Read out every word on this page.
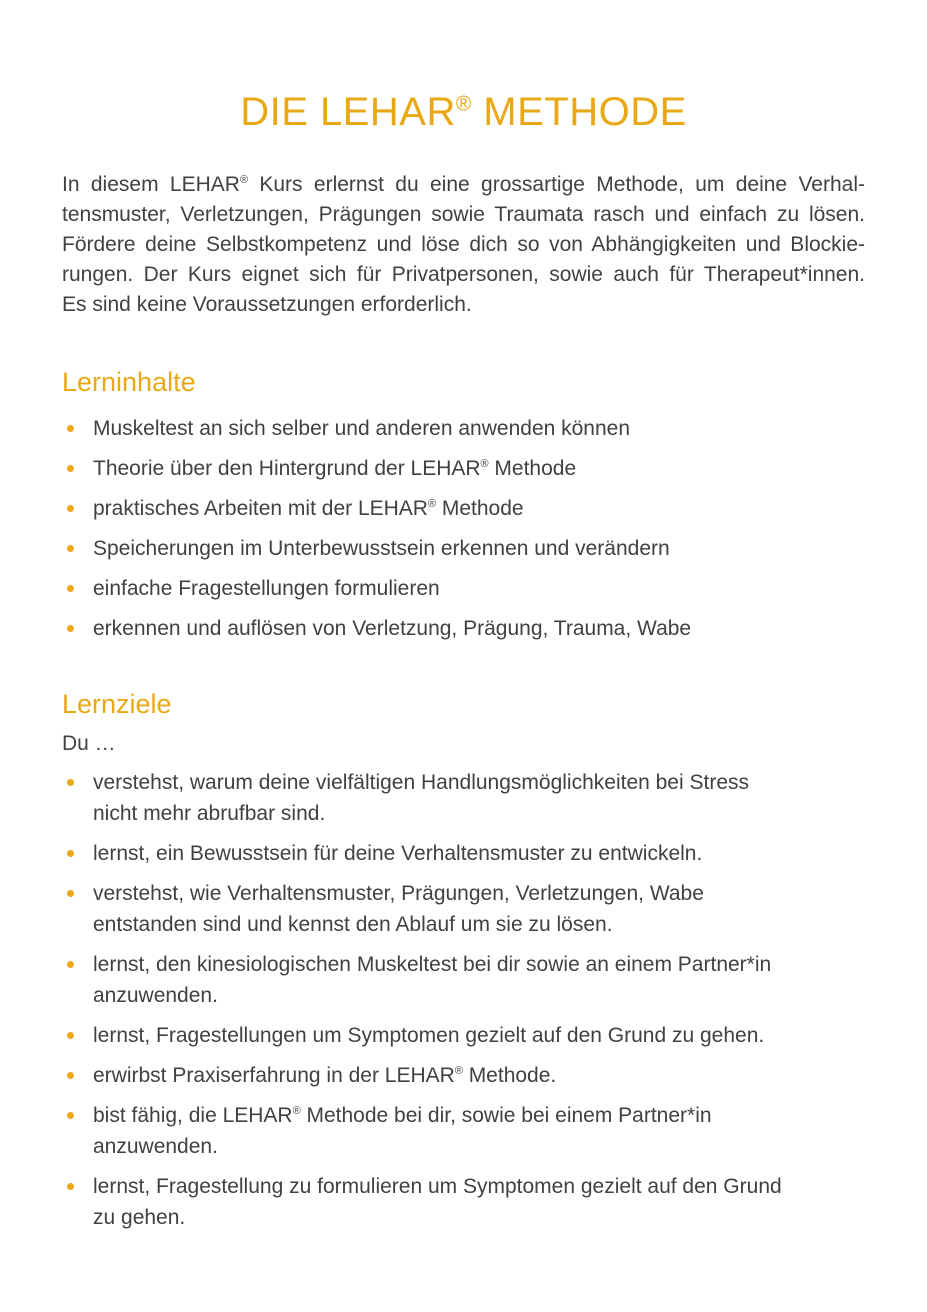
DIE LEHAR® METHODE
In diesem LEHAR® Kurs erlernst du eine grossartige Methode, um deine Verhal-
tensmuster, Verletzungen, Prägungen sowie Traumata rasch und einfach zu lösen.
Fördere deine Selbstkompetenz und löse dich so von Abhängigkeiten und Blockie-
rungen. Der Kurs eignet sich für Privatpersonen, sowie auch für Therapeut*innen.
Es sind keine Voraussetzungen erforderlich.
Lerninhalte
Muskeltest an sich selber und anderen anwenden können
Theorie über den Hintergrund der LEHAR® Methode
praktisches Arbeiten mit der LEHAR® Methode
Speicherungen im Unterbewusstsein erkennen und verändern
einfache Fragestellungen formulieren
erkennen und auflösen von Verletzung, Prägung, Trauma, Wabe
Lernziele

Du …

verstehst, warum deine vielfältigen Handlungsmöglichkeiten bei Stress
nicht mehr abrufbar sind.
lernst, ein Bewusstsein für deine Verhaltensmuster zu entwickeln.
verstehst, wie Verhaltensmuster, Prägungen, Verletzungen, Wabe
entstanden sind und kennst den Ablauf um sie zu lösen.
lernst, den kinesiologischen Muskeltest bei dir sowie an einem Partner*in
anzuwenden.
lernst, Fragestellungen um Symptomen gezielt auf den Grund zu gehen.
erwirbst Praxiserfahrung in der LEHAR® Methode.
bist fähig, die LEHAR® Methode bei dir, sowie bei einem Partner*in
anzuwenden.
lernst, Fragestellung zu formulieren um Symptomen gezielt auf den Grund
zu gehen.
